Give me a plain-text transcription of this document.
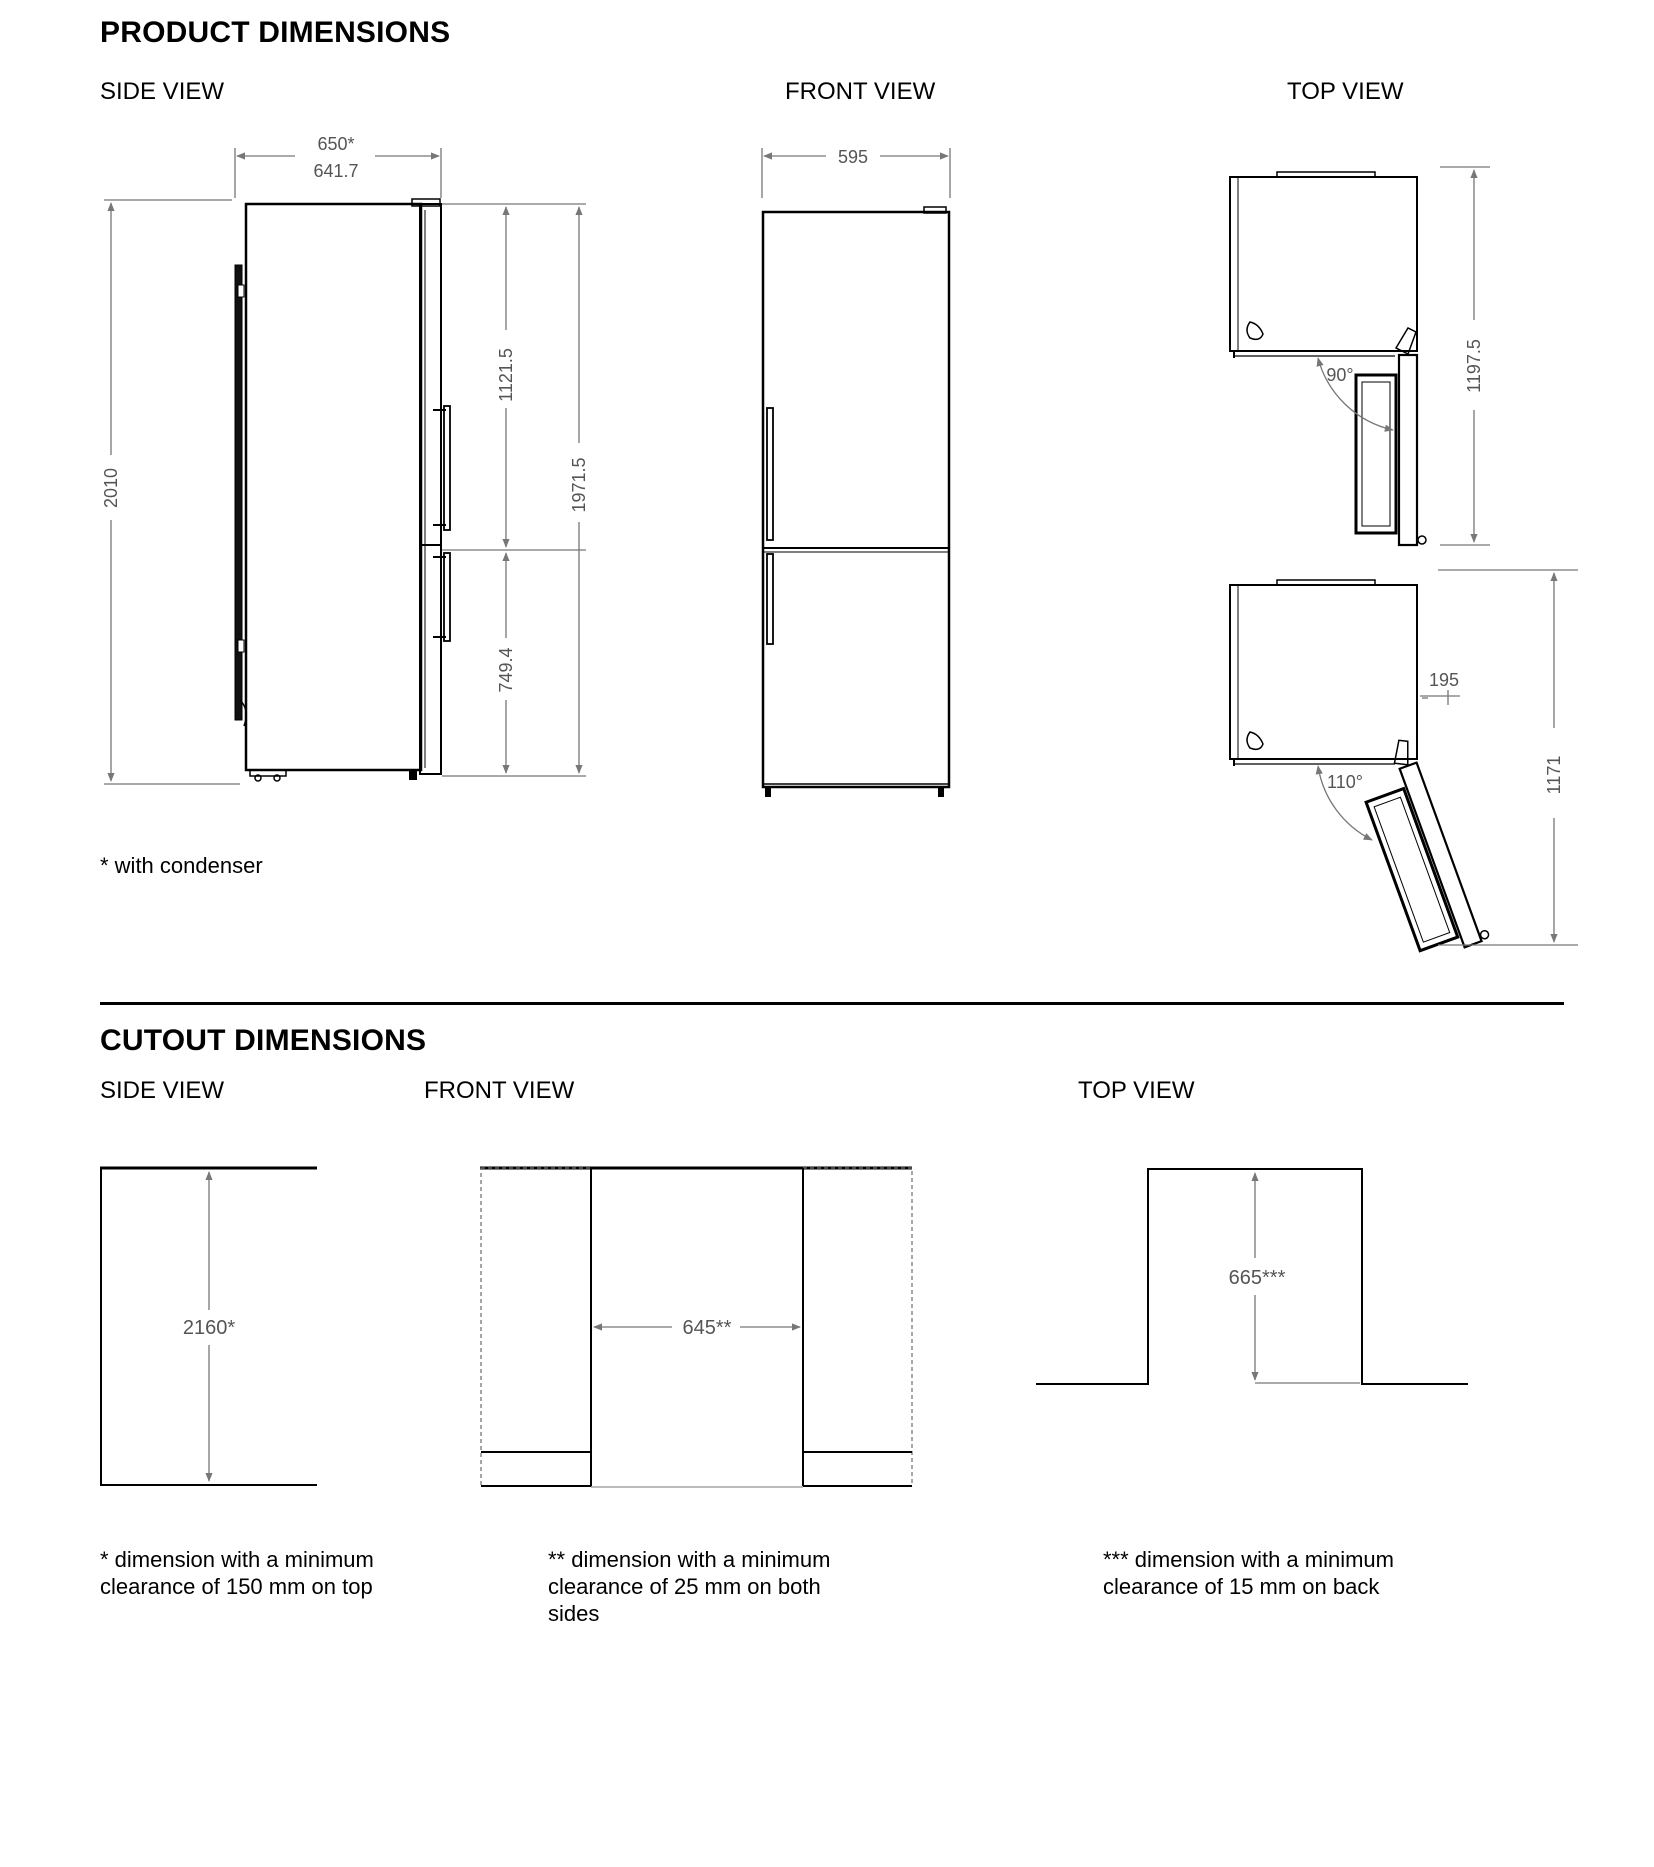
PRODUCT DIMENSIONS
SIDE VIEW	FRONT VIEW	TOP VIEW
* with condenser
CUTOUT DIMENSIONS
SIDE VIEW	FRONT VIEW	TOP VIEW
* dimension with a minimum
clearance of 150 mm on top
** dimension with a minimum
clearance of 25 mm on both
sides
*** dimension with a minimum
clearance of 15 mm on back
650*
641.7
2010
1121.5
749.4
1971.5
595
90°	1197.5
110°
195
1171
2160*	645**
665***
